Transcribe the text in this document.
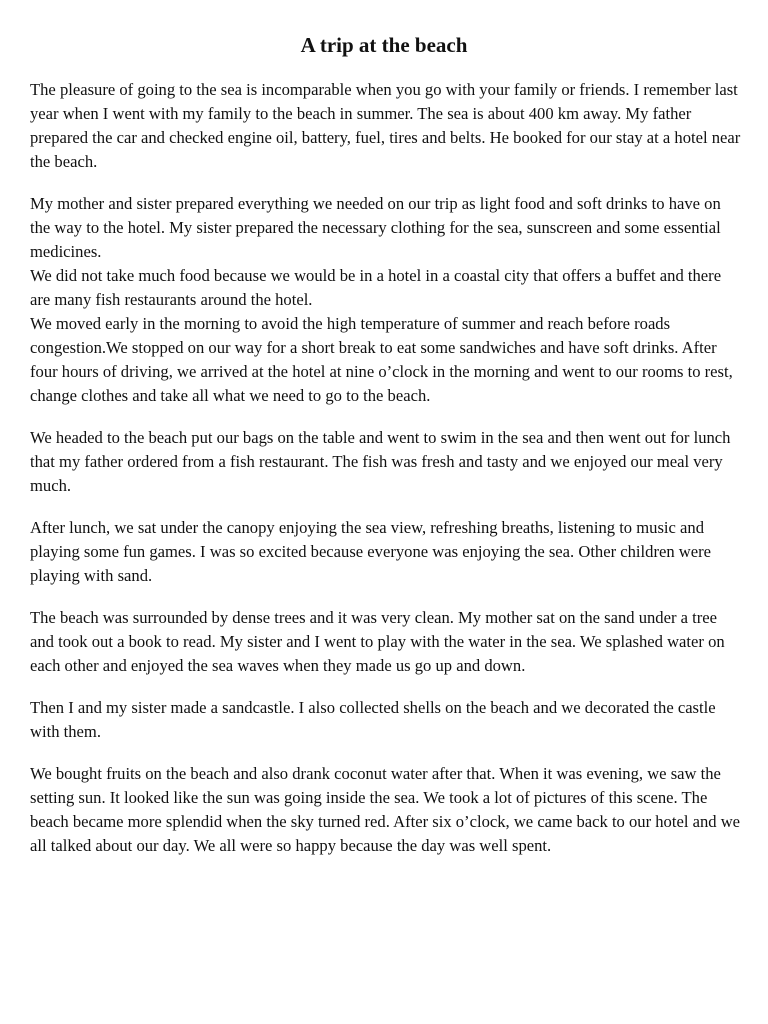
A trip at the beach

The pleasure of going to the sea is incomparable when you go with your family or friends. I remember last year when I went with my family to the beach in summer. The sea is about 400 km away. My father prepared the car and checked engine oil, battery, fuel, tires and belts. He booked for our stay at a hotel near the beach.

My mother and sister prepared everything we needed on our trip as light food and soft drinks to have on the way to the hotel. My sister prepared the necessary clothing for the sea, sunscreen and some essential medicines.

We did not take much food because we would be in a hotel in a coastal city that offers a buffet and there are many fish restaurants around the hotel.

We moved early in the morning to avoid the high temperature of summer and reach before roads congestion.We stopped on our way for a short break to eat some sandwiches and have soft drinks. After four hours of driving, we arrived at the hotel at nine o’clock in the morning and went to our rooms to rest, change clothes and take all what we need to go to the beach.

We headed to the beach put our bags on the table and went to swim in the sea and then went out for lunch that my father ordered from a fish restaurant. The fish was fresh and tasty and we enjoyed our meal very much.

After lunch, we sat under the canopy enjoying the sea view, refreshing breaths, listening to music and playing some fun games. I was so excited because everyone was enjoying the sea. Other children were playing with sand.

The beach was surrounded by dense trees and it was very clean. My mother sat on the sand under a tree and took out a book to read. My sister and I went to play with the water in the sea. We splashed water on each other and enjoyed the sea waves when they made us go up and down.

Then I and my sister made a sandcastle. I also collected shells on the beach and we decorated the castle with them.

We bought fruits on the beach and also drank coconut water after that. When it was evening, we saw the setting sun. It looked like the sun was going inside the sea. We took a lot of pictures of this scene. The beach became more splendid when the sky turned red. After six o’clock, we came back to our hotel and we all talked about our day. We all were so happy because the day was well spent.
